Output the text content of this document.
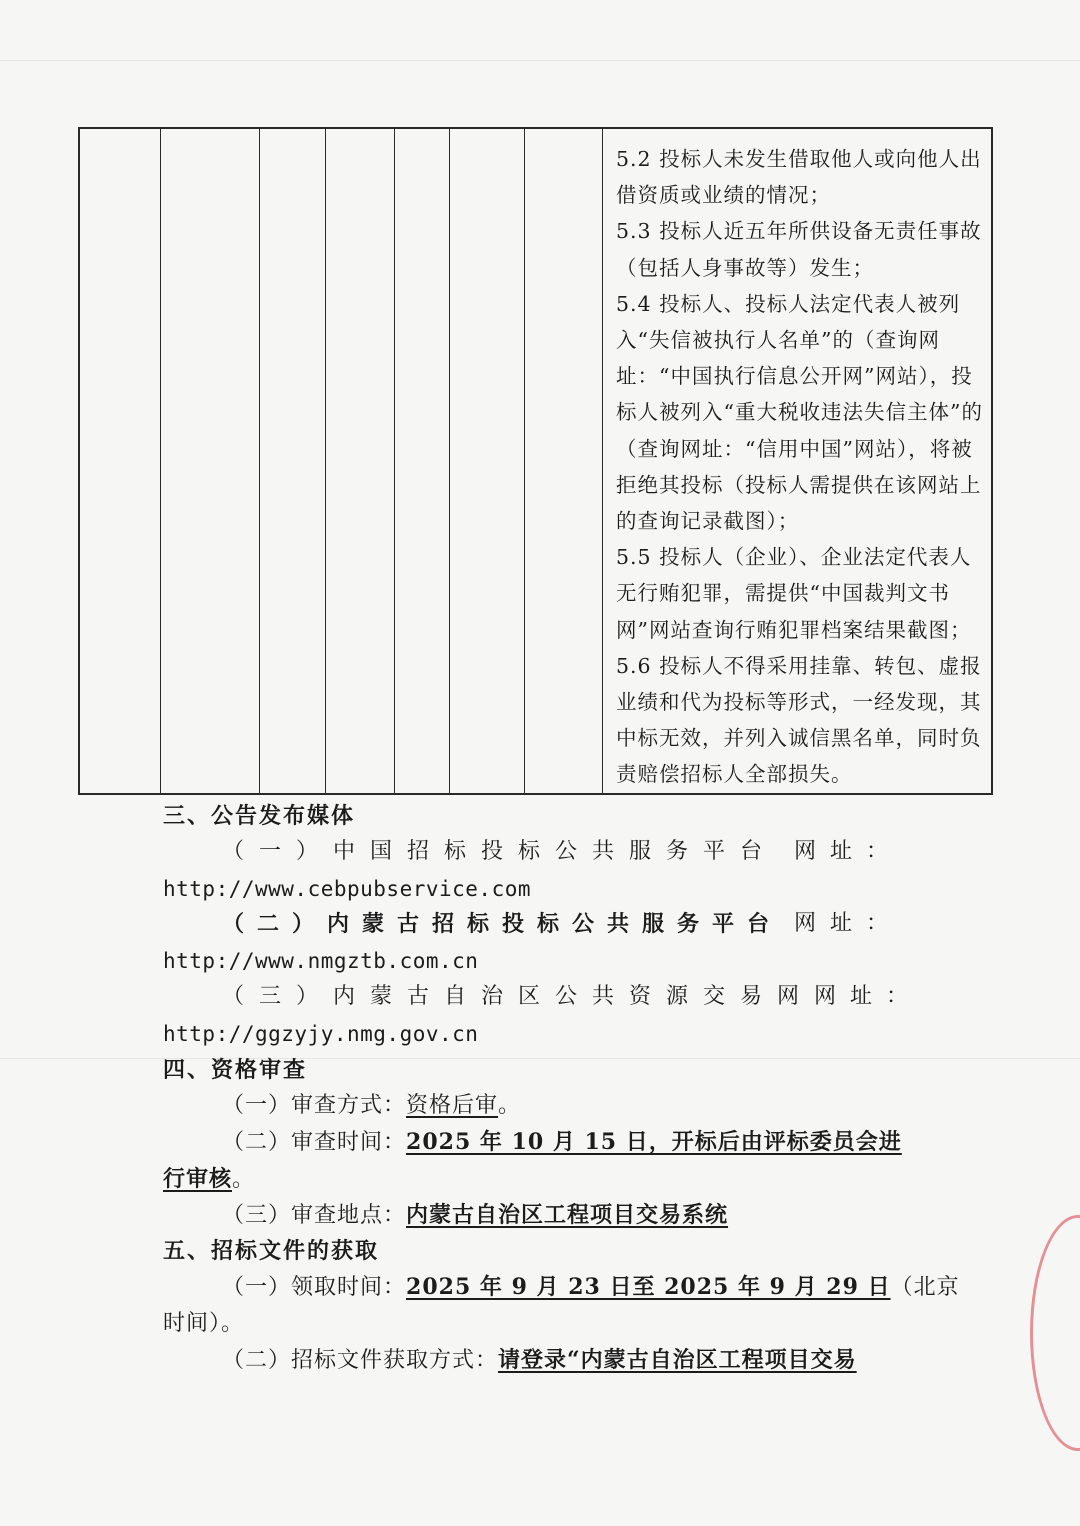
5.2 投标人未发生借取他人或向他人出借资质或业绩的情况；

5.3 投标人近五年所供设备无责任事故（包括人身事故等）发生；

5.4 投标人、投标人法定代表人被列入“失信被执行人名单”的（查询网址：“中国执行信息公开网”网站），投标人被列入“重大税收违法失信主体”的（查询网址：“信用中国”网站），将被拒绝其投标（投标人需提供在该网站上的查询记录截图）；

5.5 投标人（企业）、企业法定代表人无行贿犯罪，需提供“中国裁判文书网”网站查询行贿犯罪档案结果截图；

5.6 投标人不得采用挂靠、转包、虚报业绩和代为投标等形式，一经发现，其中标无效，并列入诚信黑名单，同时负责赔偿招标人全部损失。

三、公告发布媒体
（一）中国招标投标公共服务平台 网址：
http://www.cebpubservice.com
（二）内蒙古招标投标公共服务平台 网址：
http://www.nmgztb.com.cn
（三）内蒙古自治区公共资源交易网 网址：
http://ggzyjy.nmg.gov.cn
四、资格审查
（一）审查方式：资格后审。
（二）审查时间：2025 年 10 月 15 日，开标后由评标委员会进
行审核。
（三）审查地点：内蒙古自治区工程项目交易系统
五、招标文件的获取
（一）领取时间：2025 年 9 月 23 日至 2025 年 9 月 29 日（北京
时间）。
（二）招标文件获取方式：请登录“内蒙古自治区工程项目交易
